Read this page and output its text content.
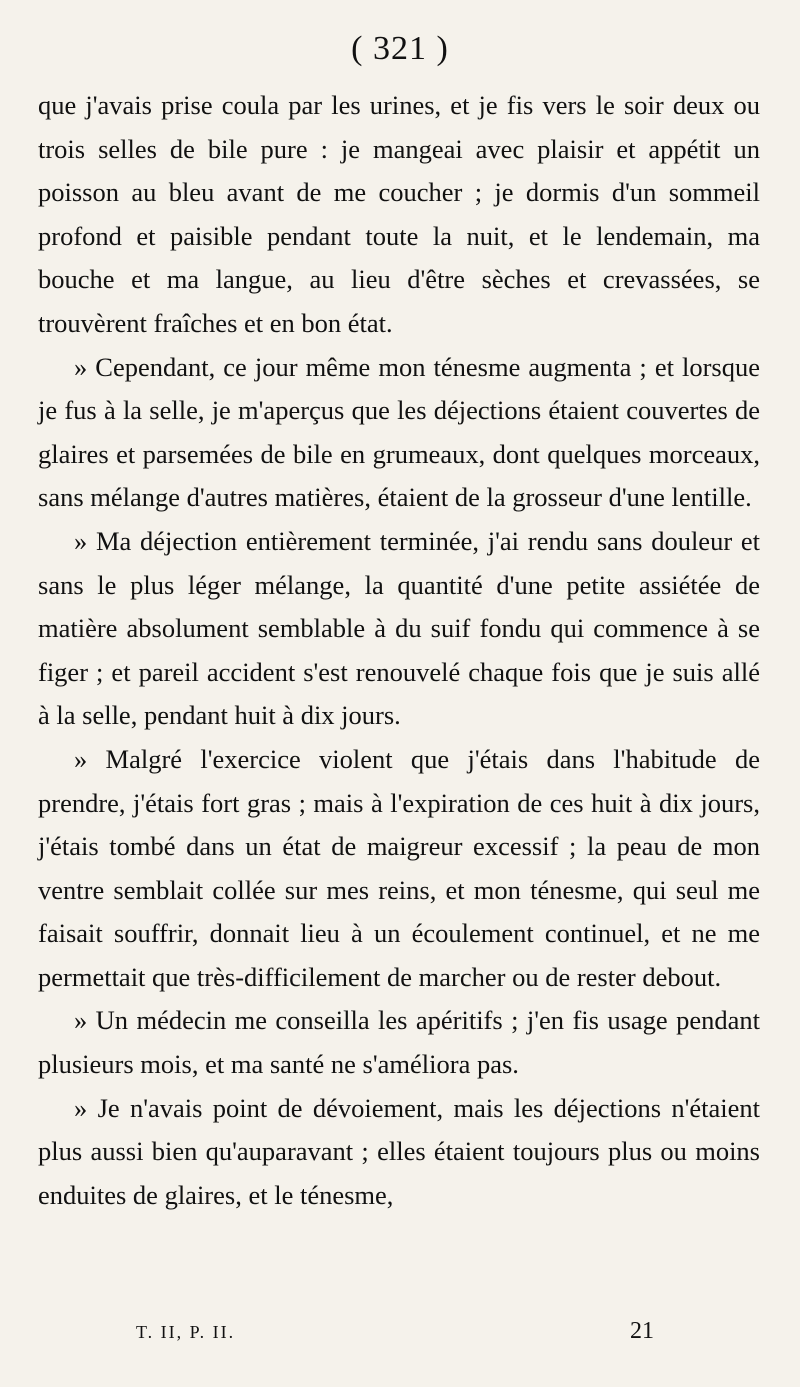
( 321 )

que j'avais prise coula par les urines, et je fis vers le soir deux ou trois selles de bile pure : je mangeai avec plaisir et appétit un poisson au bleu avant de me coucher ; je dormis d'un sommeil profond et paisible pendant toute la nuit, et le lendemain, ma bouche et ma langue, au lieu d'être sèches et crevassées, se trouvèrent fraîches et en bon état.

» Cependant, ce jour même mon ténesme augmenta ; et lorsque je fus à la selle, je m'aperçus que les déjections étaient couvertes de glaires et parsemées de bile en grumeaux, dont quelques morceaux, sans mélange d'autres matières, étaient de la grosseur d'une lentille.

» Ma déjection entièrement terminée, j'ai rendu sans douleur et sans le plus léger mélange, la quantité d'une petite assiétée de matière absolument semblable à du suif fondu qui commence à se figer ; et pareil accident s'est renouvelé chaque fois que je suis allé à la selle, pendant huit à dix jours.

» Malgré l'exercice violent que j'étais dans l'habitude de prendre, j'étais fort gras ; mais à l'expiration de ces huit à dix jours, j'étais tombé dans un état de maigreur excessif ; la peau de mon ventre semblait collée sur mes reins, et mon ténesme, qui seul me faisait souffrir, donnait lieu à un écoulement continuel, et ne me permettait que très-difficilement de marcher ou de rester debout.

» Un médecin me conseilla les apéritifs ; j'en fis usage pendant plusieurs mois, et ma santé ne s'améliora pas.

» Je n'avais point de dévoiement, mais les déjections n'étaient plus aussi bien qu'auparavant ; elles étaient toujours plus ou moins enduites de glaires, et le ténesme,

T. II, P. II.	21
